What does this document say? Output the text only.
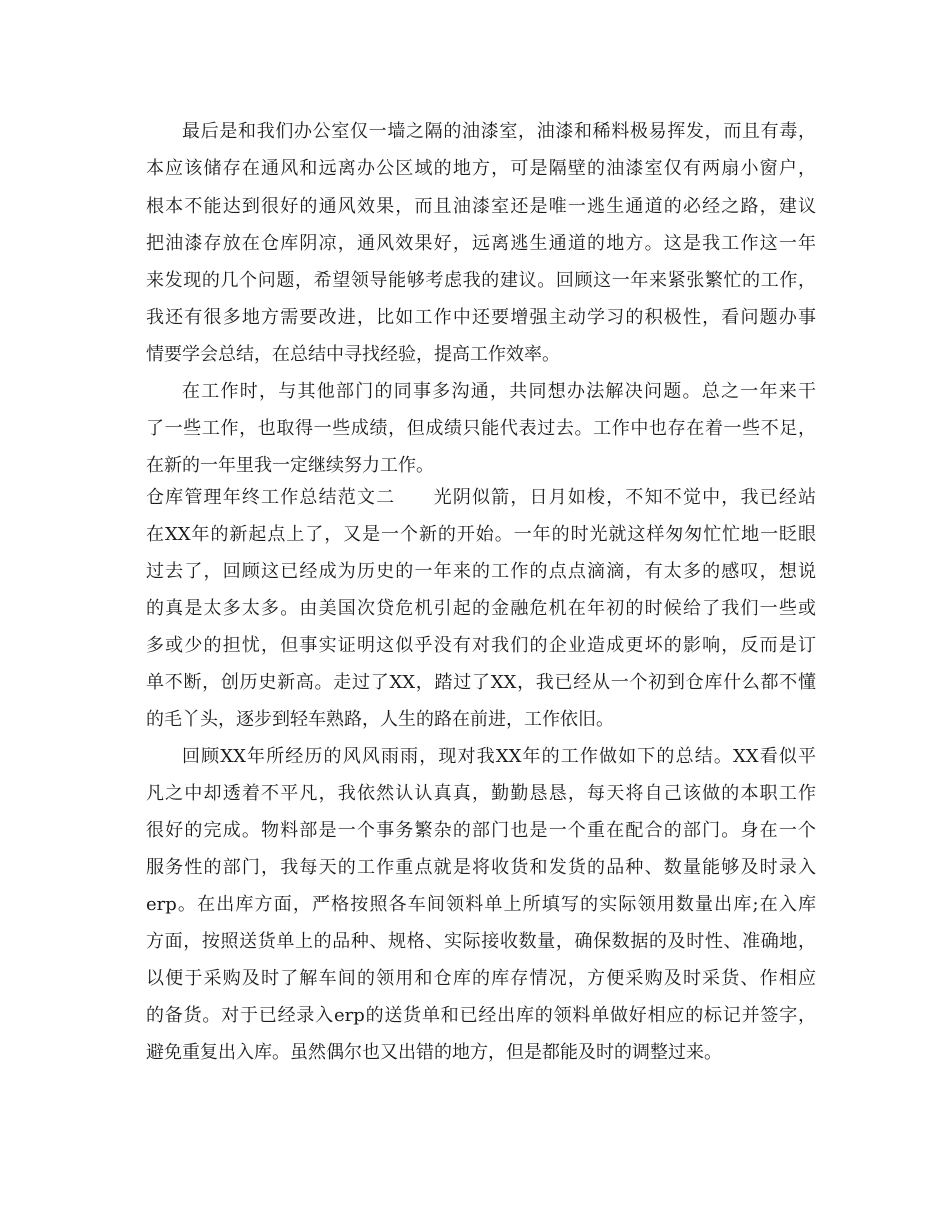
最后是和我们办公室仅一墙之隔的油漆室，油漆和稀料极易挥发，而且有毒，
本应该储存在通风和远离办公区域的地方，可是隔壁的油漆室仅有两扇小窗户，
根本不能达到很好的通风效果，而且油漆室还是唯一逃生通道的必经之路，建议
把油漆存放在仓库阴凉，通风效果好，远离逃生通道的地方。这是我工作这一年
来发现的几个问题，希望领导能够考虑我的建议。回顾这一年来紧张繁忙的工作，
我还有很多地方需要改进，比如工作中还要增强主动学习的积极性，看问题办事
情要学会总结，在总结中寻找经验，提高工作效率。
在工作时，与其他部门的同事多沟通，共同想办法解决问题。总之一年来干
了一些工作，也取得一些成绩，但成绩只能代表过去。工作中也存在着一些不足，
在新的一年里我一定继续努力工作。
仓库管理年终工作总结范文二　　光阴似箭，日月如梭，不知不觉中，我已经站
在XX年的新起点上了，又是一个新的开始。一年的时光就这样匆匆忙忙地一眨眼
过去了，回顾这已经成为历史的一年来的工作的点点滴滴，有太多的感叹，想说
的真是太多太多。由美国次贷危机引起的金融危机在年初的时候给了我们一些或
多或少的担忧，但事实证明这似乎没有对我们的企业造成更坏的影响，反而是订
单不断，创历史新高。走过了XX，踏过了XX，我已经从一个初到仓库什么都不懂
的毛丫头，逐步到轻车熟路，人生的路在前进，工作依旧。
回顾XX年所经历的风风雨雨，现对我XX年的工作做如下的总结。XX看似平
凡之中却透着不平凡，我依然认认真真，勤勤恳恳，每天将自己该做的本职工作
很好的完成。物料部是一个事务繁杂的部门也是一个重在配合的部门。身在一个
服务性的部门，我每天的工作重点就是将收货和发货的品种、数量能够及时录入
erp。在出库方面，严格按照各车间领料单上所填写的实际领用数量出库;在入库
方面，按照送货单上的品种、规格、实际接收数量，确保数据的及时性、准确地，
以便于采购及时了解车间的领用和仓库的库存情况，方便采购及时采货、作相应
的备货。对于已经录入erp的送货单和已经出库的领料单做好相应的标记并签字，
避免重复出入库。虽然偶尔也又出错的地方，但是都能及时的调整过来。
